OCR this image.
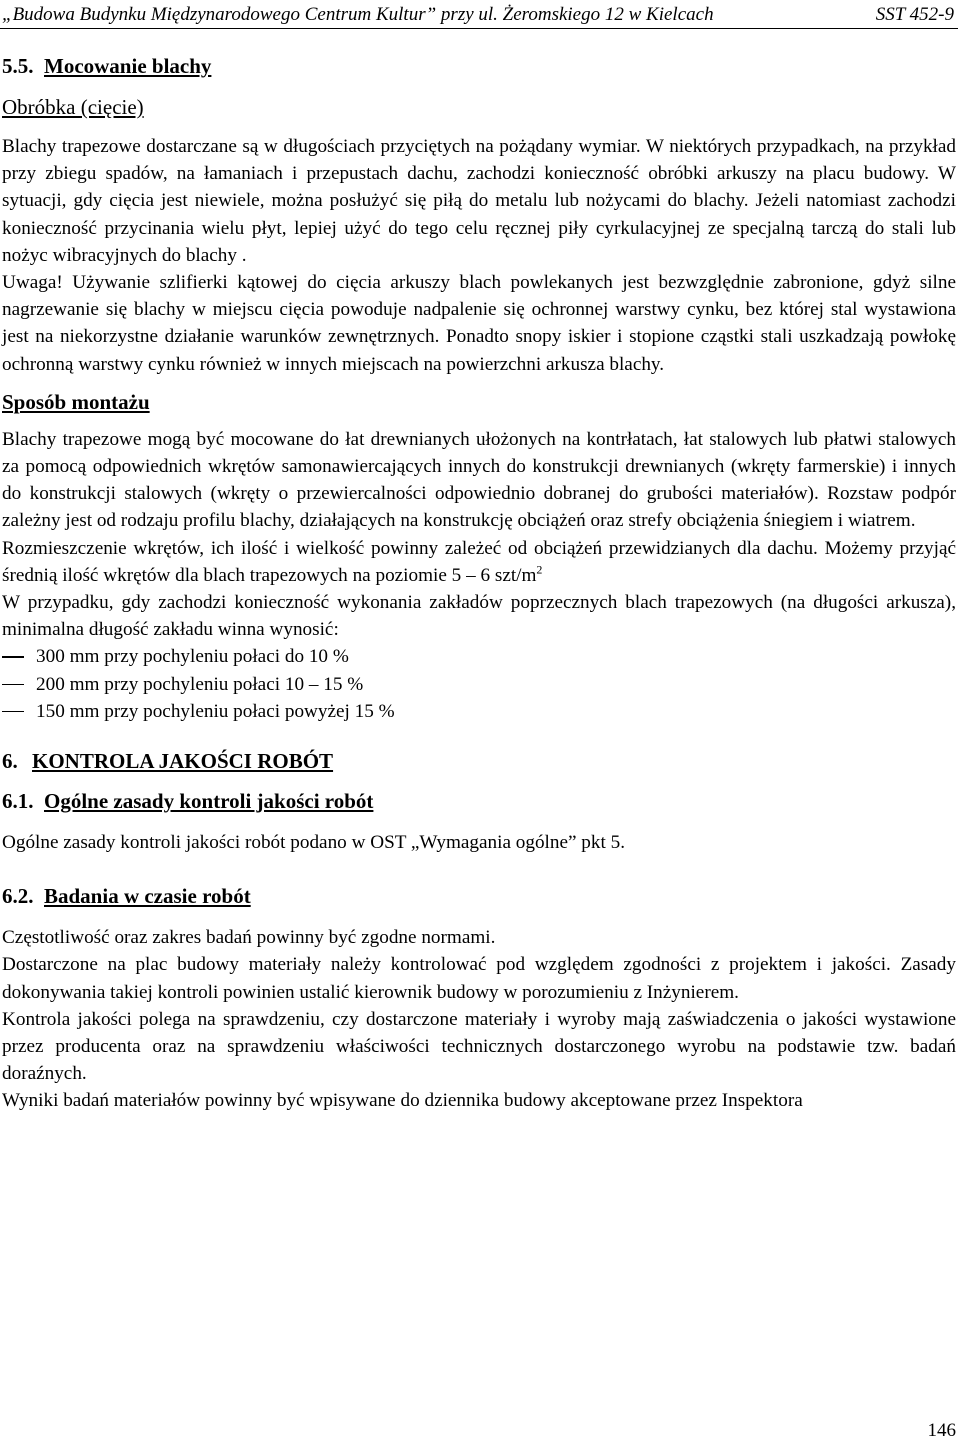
„Budowa Budynku Międzynarodowego Centrum Kultur” przy ul. Żeromskiego 12 w Kielcach	SST 452-9

5.5. Mocowanie blachy

Obróbka (cięcie)

Blachy trapezowe dostarczane są w długościach przyciętych na pożądany wymiar. W niektórych przypadkach, na przykład przy zbiegu spadów, na łamaniach i przepustach dachu, zachodzi konieczność obróbki arkuszy na placu budowy. W sytuacji, gdy cięcia jest niewiele, można posłużyć się piłą do metalu lub nożycami do blachy. Jeżeli natomiast zachodzi konieczność przycinania wielu płyt, lepiej użyć do tego celu ręcznej piły cyrkulacyjnej ze specjalną tarczą do stali lub nożyc wibracyjnych do blachy .

Uwaga! Używanie szlifierki kątowej do cięcia arkuszy blach powlekanych jest bezwzględnie zabronione, gdyż silne nagrzewanie się blachy w miejscu cięcia powoduje nadpalenie się ochronnej warstwy cynku, bez której stal wystawiona jest na niekorzystne działanie warunków zewnętrznych. Ponadto snopy iskier i stopione cząstki stali uszkadzają powłokę ochronną warstwy cynku również w innych miejscach na powierzchni arkusza blachy.

Sposób montażu

Blachy trapezowe mogą być mocowane do łat drewnianych ułożonych na kontrłatach, łat stalowych lub płatwi stalowych za pomocą odpowiednich wkrętów samonawiercających innych do konstrukcji drewnianych (wkręty farmerskie) i innych do konstrukcji stalowych (wkręty o przewiercalności odpowiednio dobranej do grubości materiałów). Rozstaw podpór zależny jest od rodzaju profilu blachy, działających na konstrukcję obciążeń oraz strefy obciążenia śniegiem i wiatrem.

Rozmieszczenie wkrętów, ich ilość i wielkość powinny zależeć od obciążeń przewidzianych dla dachu. Możemy przyjąć średnią ilość wkrętów dla blach trapezowych na poziomie 5 – 6 szt/$m^2$

W przypadku, gdy zachodzi konieczność wykonania zakładów poprzecznych blach trapezowych (na długości arkusza), minimalna długość zakładu winna wynosić:

300 mm przy pochyleniu połaci do 10 %
200 mm przy pochyleniu połaci 10 – 15 %
150 mm przy pochyleniu połaci powyżej 15 %

6. KONTROLA JAKOŚCI ROBÓT

6.1. Ogólne zasady kontroli jakości robót

Ogólne zasady kontroli jakości robót podano w OST „Wymagania ogólne” pkt 5.

6.2. Badania w czasie robót

Częstotliwość oraz zakres badań powinny być zgodne normami.

Dostarczone na plac budowy materiały należy kontrolować pod względem zgodności z projektem i jakości. Zasady dokonywania takiej kontroli powinien ustalić kierownik budowy w porozumieniu z Inżynierem.

Kontrola jakości polega na sprawdzeniu, czy dostarczone materiały i wyroby mają zaświadczenia o jakości wystawione przez producenta oraz na sprawdzeniu właściwości technicznych dostarczonego wyrobu na podstawie tzw. badań doraźnych.

Wyniki badań materiałów powinny być wpisywane do dziennika budowy akceptowane przez Inspektora

146
